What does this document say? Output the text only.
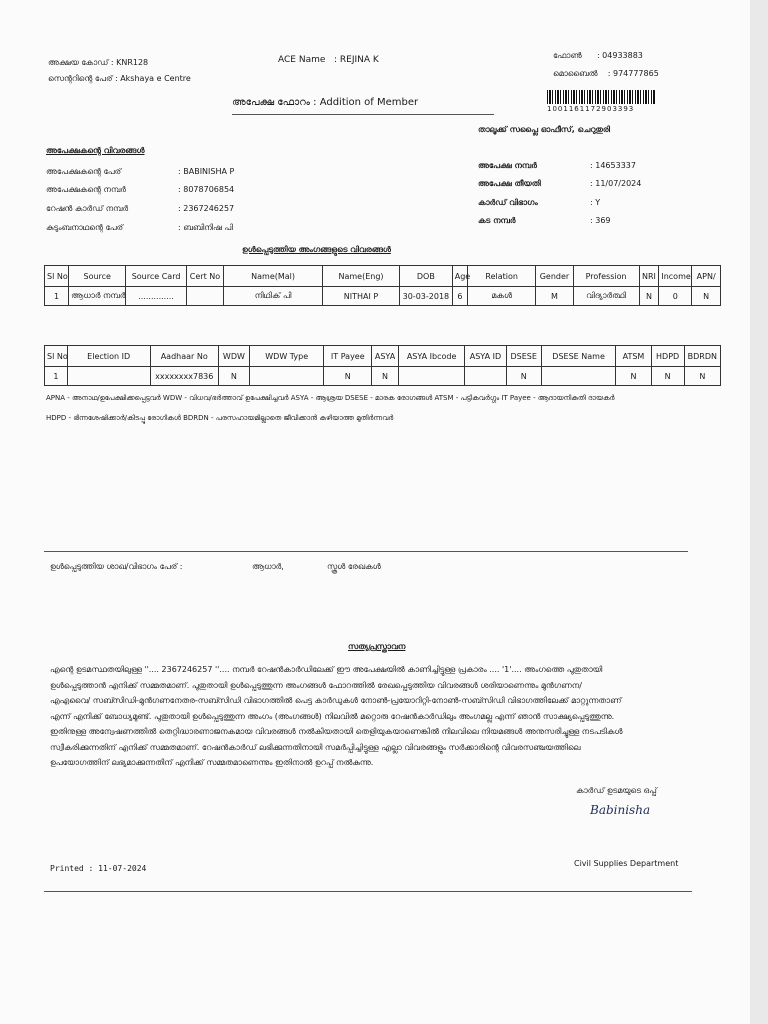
അക്ഷയ കോഡ് : KNR128
സെന്ററിന്റെ പേര് : Akshaya e Centre
ACE Name : REJINA K	ഫോൺ : 04933883
മൊബൈൽ : 974777865
അപേക്ഷ ഫോറം : Addition of Member
1001161172903393
താലൂക്ക് സപ്ലൈ ഓഫീസ്, ചെറുതുരി
അപേക്ഷകന്റെ വിവരങ്ങൾ
അപേക്ഷകന്റെ പേര്	: BABINISHA P
അപേക്ഷകന്റെ നമ്പർ	: 8078706854
റേഷൻ കാർഡ് നമ്പർ	: 2367246257
കുടുംബനാഥന്റെ പേര്	: ബബിനിഷ പി
അപേക്ഷ നമ്പർ	: 14653337
അപേക്ഷ തീയതി	: 11/07/2024
കാർഡ് വിഭാഗം	: Y
കട നമ്പർ	: 369
ഉൾപ്പെടുത്തിയ അംഗങ്ങളുടെ വിവരങ്ങൾ
Sl No	Source	Source Card	Cert No	Name(Mal)	Name(Eng)	DOB	Age	Relation	Gender	Profession	NRI	Income	APN/
1	ആധാർ നമ്പർ	..............		നിഥിക് പി	NITHAI P	30-03-2018	6	മകൾ	M	വിദ്യാർത്ഥി	N	0	N
Sl No	Election ID	Aadhaar No	WDW	WDW Type	IT Payee	ASYA	ASYA Ibcode	ASYA ID	DSESE	DSESE Name	ATSM	HDPD	BDRDN
1		xxxxxxxx7836	N		N	N			N		N	N	N
APNA - അനാഥ/ഉപേക്ഷിക്കപ്പെട്ടവർ WDW - വിധവ/ഭർത്താവ് ഉപേക്ഷിച്ചവർ ASYA - ആശ്രയ DSESE - മാരക രോഗങ്ങൾ ATSM - പട്ടികവർഗ്ഗം IT Payee - ആദായനികുതി ദായകർ
HDPD - ഭിന്നശേഷിക്കാർ/കിടപ്പു രോഗികൾ BDRDN - പരസഹായമില്ലാതെ ജീവിക്കാൻ കഴിയാത്ത മുതിർന്നവർ
ഉൾപ്പെടുത്തിയ ശാഖ/വിഭാഗം പേര് :	ആധാർ,	സ്കൂൾ രേഖകൾ
സത്യപ്രസ്താവന
എന്റെ ഉടമസ്ഥതയിലുള്ള ''.... 2367246257 ''.... നമ്പർ റേഷൻകാർഡിലേക്ക് ഈ അപേക്ഷയിൽ കാണിച്ചിട്ടുള്ള പ്രകാരം .... '1'.... അംഗത്തെ പുതുതായി
ഉൾപ്പെടുത്താൻ എനിക്ക് സമ്മതമാണ്. പുതുതായി ഉൾപ്പെടുത്തുന്ന അംഗങ്ങൾ ഫോറത്തിൽ രേഖപ്പെടുത്തിയ വിവരങ്ങൾ ശരിയാണെന്നും മുൻഗണന/
എഎവൈ/ സബ്സിഡി-മുൻഗണനേതര-സബ്സിഡി വിഭാഗത്തിൽ പെട്ട കാർഡുകൾ നോൺ-പ്രയോറിറ്റി-നോൺ-സബ്സിഡി വിഭാഗത്തിലേക്ക് മാറ്റുന്നതാണ്
എന്ന് എനിക്ക് ബോധ്യമുണ്ട്. പുതുതായി ഉൾപ്പെടുത്തുന്ന അംഗം (അംഗങ്ങൾ) നിലവിൽ മറ്റൊരു റേഷൻകാർഡിലും അംഗമല്ല എന്ന് ഞാൻ സാക്ഷ്യപ്പെടുത്തുന്നു.
ഇതിനുള്ള അന്വേഷണത്തിൽ തെറ്റിദ്ധാരണാജനകമായ വിവരങ്ങൾ നൽകിയതായി തെളിയുകയാണെങ്കിൽ നിലവിലെ നിയമങ്ങൾ അനുസരിച്ചുള്ള നടപടികൾ
സ്വീകരിക്കുന്നതിന് എനിക്ക് സമ്മതമാണ്. റേഷൻകാർഡ് ലഭിക്കുന്നതിനായി സമർപ്പിച്ചിട്ടുള്ള എല്ലാ വിവരങ്ങളും സർക്കാരിന്റെ വിവരസഞ്ചയത്തിലെ
ഉപയോഗത്തിന് ലഭ്യമാക്കുന്നതിന് എനിക്ക് സമ്മതമാണെന്നും ഇതിനാൽ ഉറപ്പ് നൽകുന്നു.
കാർഡ് ഉടമയുടെ ഒപ്പ്
Babinisha
Printed : 11-07-2024
Civil Supplies Department
